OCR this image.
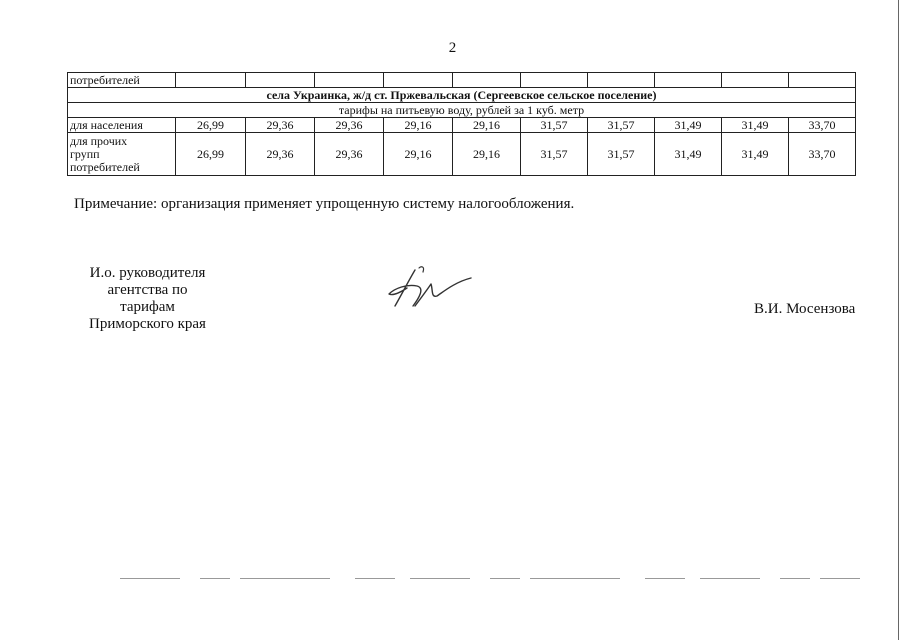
2
потребителей										
села Украинка, ж/д ст. Пржевальская (Сергеевское сельское поселение)										
тарифы на питьевую воду, рублей за 1 куб. метр										
для населения	26,99	29,36	29,36	29,16	29,16	31,57	31,57	31,49	31,49	33,70

для прочих
групп
потребителей	26,99	29,36	29,36	29,16	29,16	31,57	31,57	31,49	31,49	33,70
Примечание: организация применяет упрощенную систему налогообложения.
И.о. руководителя
агентства по тарифам
Приморского края
В.И. Мосензова
